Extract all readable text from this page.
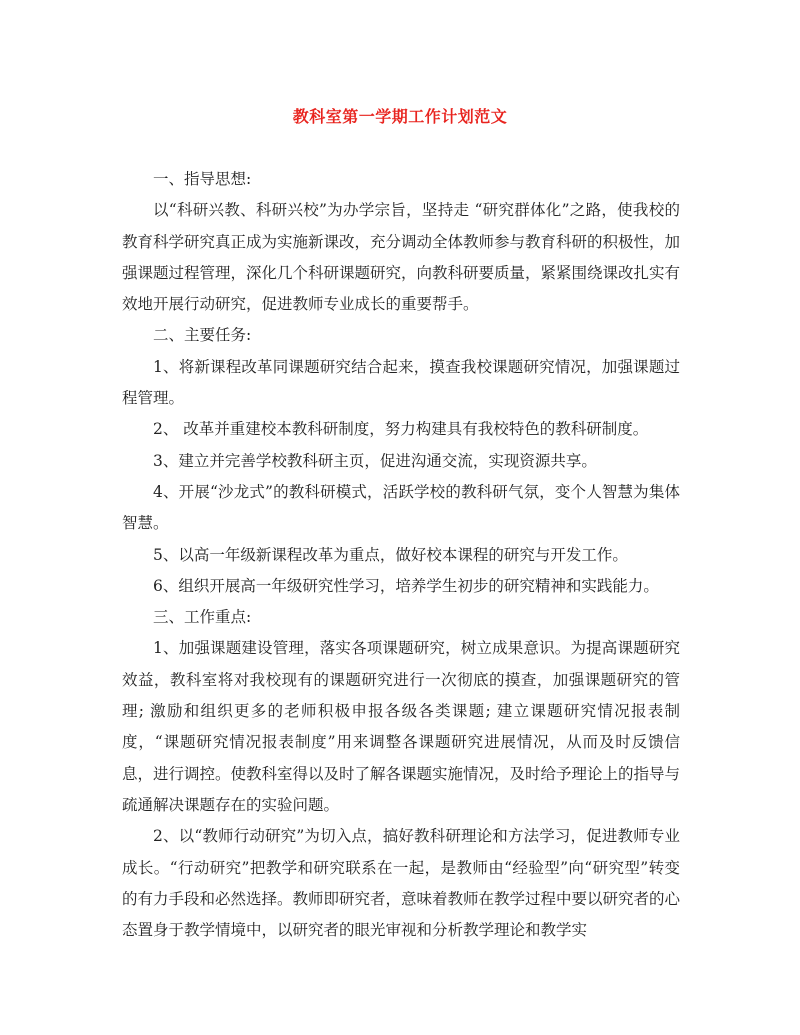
教科室第一学期工作计划范文

一、指导思想:

以“科研兴教、科研兴校”为办学宗旨，坚持走 “研究群体化”之路，使我校的教育科学研究真正成为实施新课改，充分调动全体教师参与教育科研的积极性，加强课题过程管理，深化几个科研课题研究，向教科研要质量，紧紧围绕课改扎实有效地开展行动研究，促进教师专业成长的重要帮手。

二、主要任务:

1、将新课程改革同课题研究结合起来，摸查我校课题研究情况，加强课题过程管理。

2、 改革并重建校本教科研制度，努力构建具有我校特色的教科研制度。

3、建立并完善学校教科研主页，促进沟通交流，实现资源共享。

4、开展“沙龙式”的教科研模式，活跃学校的教科研气氛，变个人智慧为集体智慧。

5、以高一年级新课程改革为重点，做好校本课程的研究与开发工作。

6、组织开展高一年级研究性学习，培养学生初步的研究精神和实践能力。

三、工作重点:

1、加强课题建设管理，落实各项课题研究，树立成果意识。为提高课题研究效益，教科室将对我校现有的课题研究进行一次彻底的摸查，加强课题研究的管理; 激励和组织更多的老师积极申报各级各类课题; 建立课题研究情况报表制度，“课题研究情况报表制度”用来调整各课题研究进展情况，从而及时反馈信息，进行调控。使教科室得以及时了解各课题实施情况，及时给予理论上的指导与疏通解决课题存在的实验问题。

2、以“教师行动研究”为切入点，搞好教科研理论和方法学习，促进教师专业成长。“行动研究”把教学和研究联系在一起，是教师由“经验型”向“研究型”转变的有力手段和必然选择。教师即研究者，意味着教师在教学过程中要以研究者的心态置身于教学情境中，以研究者的眼光审视和分析教学理论和教学实
